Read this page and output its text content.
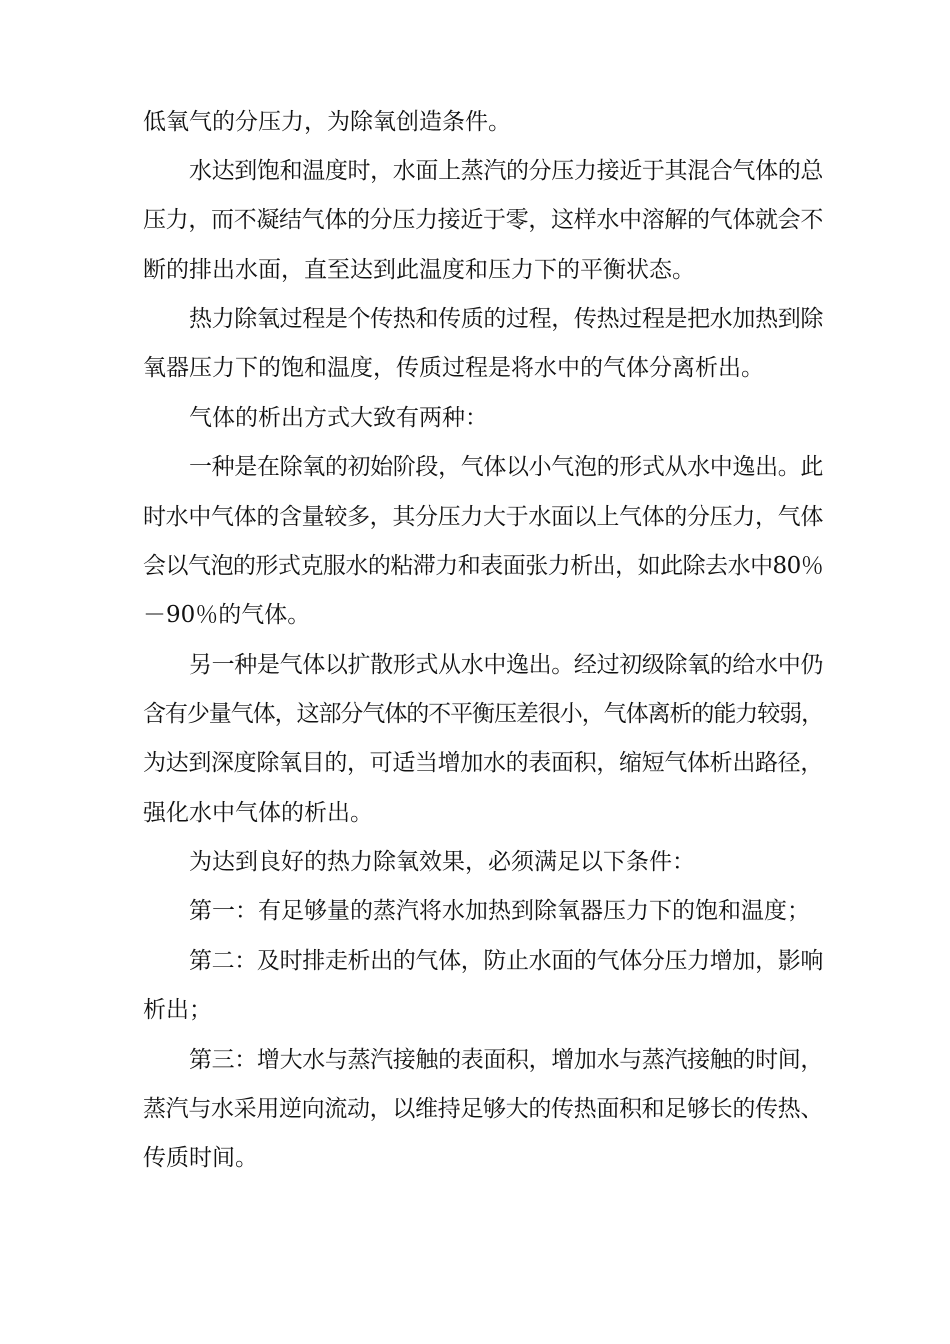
低氧气的分压力，为除氧创造条件。
水达到饱和温度时，水面上蒸汽的分压力接近于其混合气体的总
压力，而不凝结气体的分压力接近于零，这样水中溶解的气体就会不
断的排出水面，直至达到此温度和压力下的平衡状态。
热力除氧过程是个传热和传质的过程，传热过程是把水加热到除
氧器压力下的饱和温度，传质过程是将水中的气体分离析出。
气体的析出方式大致有两种：
一种是在除氧的初始阶段，气体以小气泡的形式从水中逸出。此
时水中气体的含量较多，其分压力大于水面以上气体的分压力，气体
会以气泡的形式克服水的粘滞力和表面张力析出，如此除去水中80％
－90％的气体。
另一种是气体以扩散形式从水中逸出。经过初级除氧的给水中仍
含有少量气体，这部分气体的不平衡压差很小，气体离析的能力较弱，
为达到深度除氧目的，可适当增加水的表面积，缩短气体析出路径，
强化水中气体的析出。
为达到良好的热力除氧效果，必须满足以下条件：
第一：有足够量的蒸汽将水加热到除氧器压力下的饱和温度；
第二：及时排走析出的气体，防止水面的气体分压力增加，影响
析出；
第三：增大水与蒸汽接触的表面积，增加水与蒸汽接触的时间，
蒸汽与水采用逆向流动，以维持足够大的传热面积和足够长的传热、
传质时间。
